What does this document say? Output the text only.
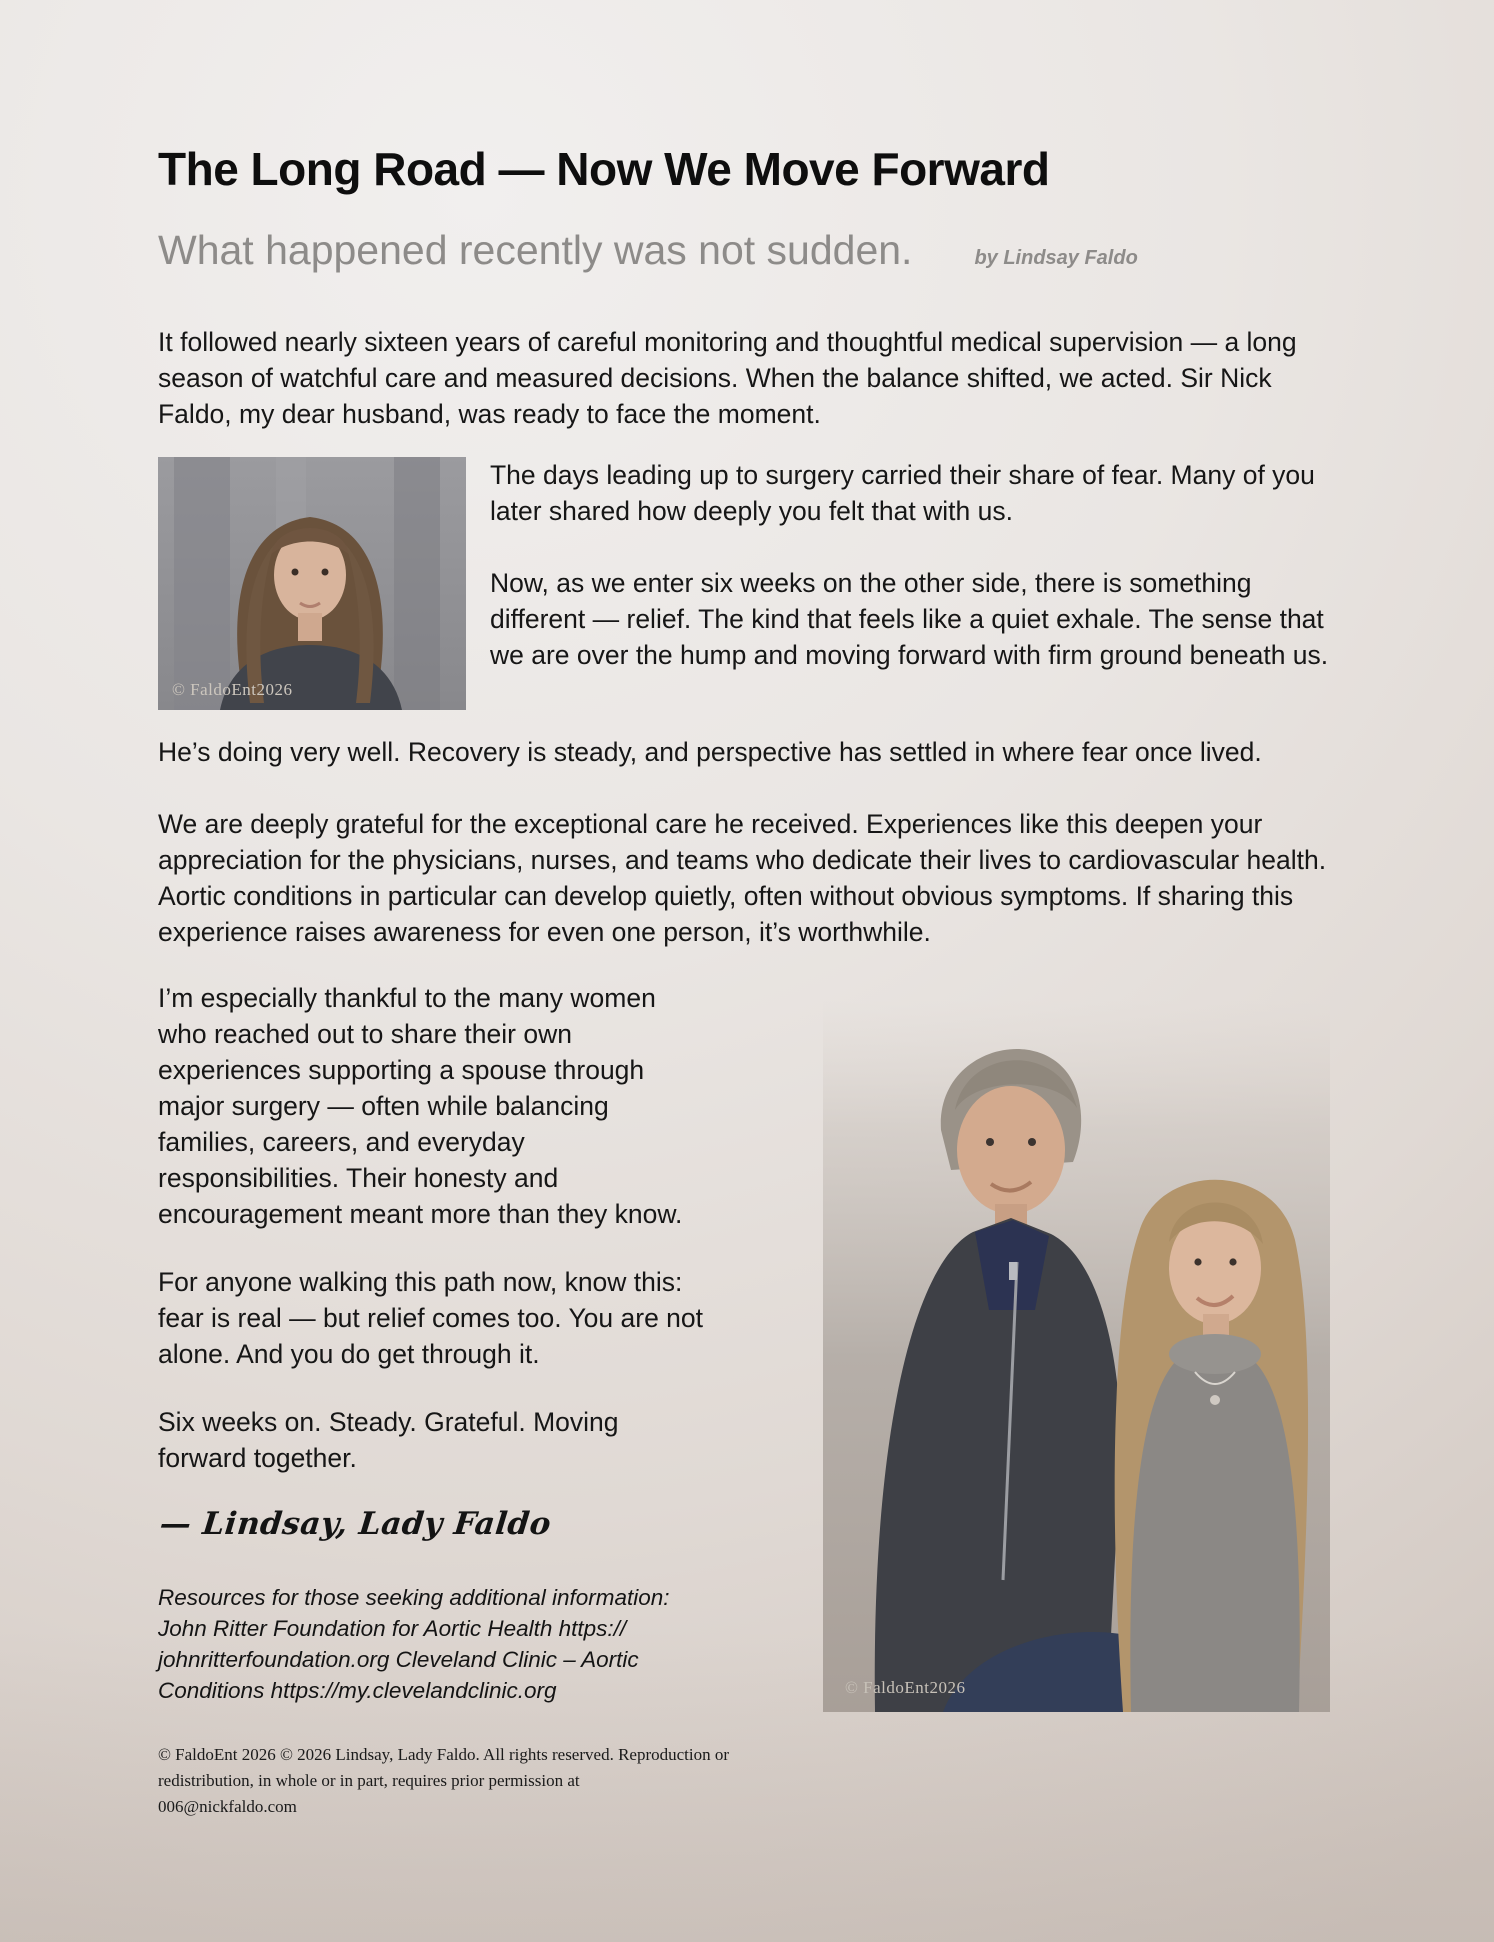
The Long Road — Now We Move Forward
What happened recently was not sudden.	by Lindsay Faldo

It followed nearly sixteen years of careful monitoring and thoughtful medical supervision — a long season of watchful care and measured decisions. When the balance shifted, we acted. Sir Nick Faldo, my dear husband, was ready to face the moment.

© FaldoEnt2026

The days leading up to surgery carried their share of fear. Many of you later shared how deeply you felt that with us.

Now, as we enter six weeks on the other side, there is something different — relief. The kind that feels like a quiet exhale. The sense that we are over the hump and moving forward with firm ground beneath us.

He’s doing very well. Recovery is steady, and perspective has settled in where fear once lived.

We are deeply grateful for the exceptional care he received. Experiences like this deepen your appreciation for the physicians, nurses, and teams who dedicate their lives to cardiovascular health. Aortic conditions in particular can develop quietly, often without obvious symptoms. If sharing this experience raises awareness for even one person, it’s worthwhile.

I’m especially thankful to the many women who reached out to share their own experiences supporting a spouse through major surgery — often while balancing families, careers, and everyday responsibilities. Their honesty and encouragement meant more than they know.

For anyone walking this path now, know this: fear is real — but relief comes too. You are not alone. And you do get through it.

Six weeks on. Steady. Grateful. Moving forward together.

— Lindsay, Lady Faldo
Resources for those seeking additional information:
John Ritter Foundation for Aortic Health https://
johnritterfoundation.org Cleveland Clinic – Aortic
Conditions https://my.clevelandclinic.org
© FaldoEnt 2026 © 2026 Lindsay, Lady Faldo. All rights reserved. Reproduction or
redistribution, in whole or in part, requires prior permission at
006@nickfaldo.com
© FaldoEnt2026
